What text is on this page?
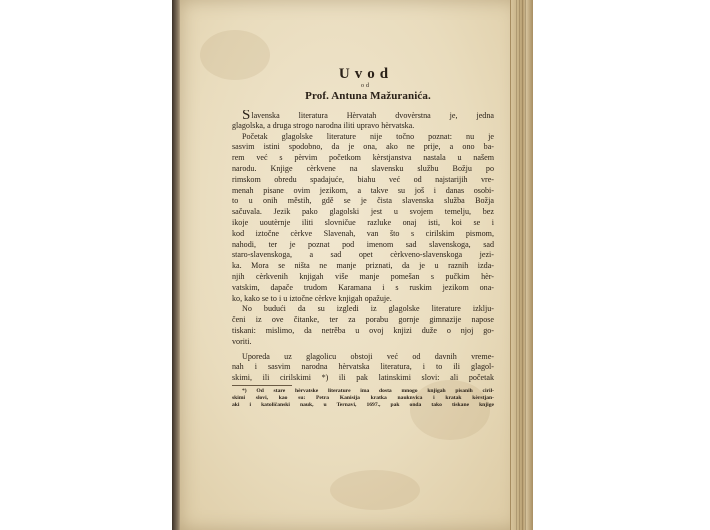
Uvod
od
Prof. Antuna Mažuranića.
Slavenska literatura Hèrvatah dvovèrstna je, jedna
glagolska, a druga strogo narodna iliti upravo hèrvatska.
Početak glagolske literature nije točno poznat: nu je
sasvim istini spodobno, da je ona, ako ne prije, a ono ba-
rem već s pèrvim početkom kèrstjanstva nastala u našem
narodu. Knjige cèrkvene na slavensku službu Božju po
rimskom obredu spadajuće, biahu već od najstarijih vre-
menah pisane ovim jezikom, a takve su još i danas osobi-
to u onih městih, gdě se je čista slavenska služba Božja
sačuvala. Jezik pako glagolski jest u svojem temelju, bez
ikoje uoutèrnje iliti slovničue razluke onaj isti, koi se i
kod iztočne cèrkve Slavenah, van što s cirilskim pismom,
nahodi, ter je poznat pod imenom sad slavenskoga, sad
staro-slavenskoga, a sad opet cèrkveno-slavenskoga jezi-
ka. Mora se ništa ne manje priznati, da je u raznih izda-
njih cèrkvenih knjigah više manje pomešan s pučkim hèr-
vatskim, dapače trudom Karamana i s ruskim jezikom ona-
ko, kako se to i u iztočne cèrkve knjigah opažuje.
No budući da su izgledi iz glagolske literature izklju-
čeni iz ove čitanke, ter za porabu gornje gimnazije napose
tiskani: mislimo, da netrěba u ovoj knjizi duže o njoj go-
voriti.
Uporeda uz glagolicu obstoji već od davnih vreme-
nah i sasvim narodna hèrvatska literatura, i to ili glagol-
skimi, ili cirilskimi *) ili pak latinskimi slovi: ali početak
*) Od stare hèrvatske literature ima dosta mnogo knjigah pisanih ciril-
skimi slovi, kao su: Petra Kanisija kratka nauknvica i kratak kèrstjan-
aki i katoličanski nauk, u Ternavi, 1697., pak onda tako tiskane knjige
